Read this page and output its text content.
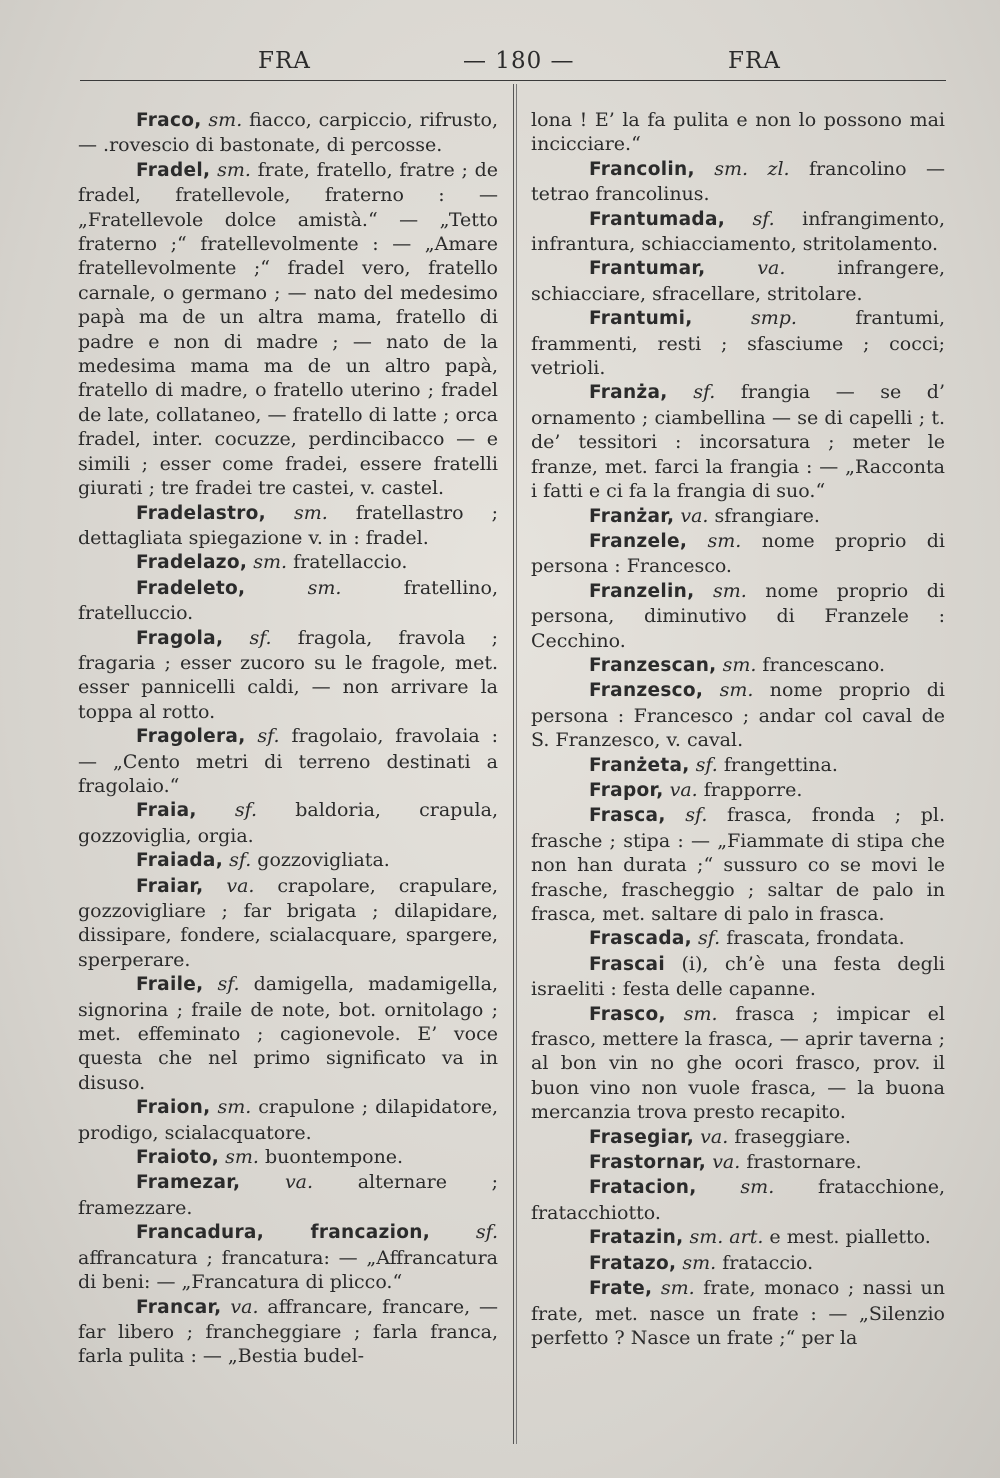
FRA	— 180 —	FRA

Fraco, sm. fiacco, carpiccio, rifrusto, — .rovescio di bastonate, di percosse.

Fradel, sm. frate, fratello, fratre ; de fradel, fratellevole, fraterno : — „Fratellevole dolce amistà.“ — „Tetto fraterno ;“ fratellevolmente : — „Amare fratellevolmente ;“ fradel vero, fratello carnale, o germano ; — nato del medesimo papà ma de un altra mama, fratello di padre e non di madre ; — nato de la medesima mama ma de un altro papà, fratello di madre, o fratello uterino ; fradel de late, collataneo, — fratello di latte ; orca fradel, inter. cocuzze, perdincibacco — e simili ; esser come fradei, essere fratelli giurati ; tre fradei tre castei, v. castel.

Fradelastro, sm. fratellastro ; dettagliata spiegazione v. in : fradel.

Fradelazo, sm. fratellaccio.

Fradeleto,	sm. fratellino, fratelluccio.

Fragola, sf. fragola, fravola ; fragaria ; esser zucoro su le fragole, met. esser pannicelli caldi, — non arrivare la toppa al rotto.

Fragolera, sf. fragolaio, fravolaia : — „Cento metri di terreno destinati a fragolaio.“

Fraia, sf. baldoria, crapula, gozzoviglia, orgia.

Fraiada, sf. gozzovigliata.

Fraiar, va. crapolare, crapulare, gozzovigliare ; far brigata ; dilapidare, dissipare, fondere, scialacquare, spargere, sperperare.

Fraile, sf. damigella, madamigella, signorina ; fraile de note, bot. ornitolago ; met. effeminato ; cagionevole. E’ voce questa che nel primo significato va in disuso.

Fraion, sm. crapulone ; dilapidatore, prodigo, scialacquatore.

Fraioto, sm. buontempone.

Framezar, va. alternare ; framezzare.

Francadura, francazion, sf. affrancatura ; francatura: — „Affrancatura di beni: — „Francatura di plicco.“

Francar, va. affrancare, francare, — far libero ; francheggiare ; farla franca, farla pulita : — „Bestia budel-

lona ! E’ la fa pulita e non lo possono mai incicciare.“

Francolin, sm. zl. francolino — tetrao francolinus.

Frantumada, sf. infrangimento, infrantura, schiacciamento, stritolamento.

Frantumar,	va. infrangere, schiacciare, sfracellare, stritolare.

Frantumi,	smp. frantumi, frammenti, resti ; sfasciume ; cocci; vetrioli.

Franża, sf. frangia — se d’ ornamento ; ciambellina — se di capelli ; t. de’ tessitori : incorsatura ; meter le franze, met. farci la frangia : — „Racconta i fatti e ci fa la frangia di suo.“

Franżar, va. sfrangiare.

Franzele, sm. nome proprio di persona : Francesco.

Franzelin, sm. nome proprio di persona, diminutivo di Franzele : Cecchino.

Franzescan, sm. francescano.

Franzesco, sm. nome proprio di persona : Francesco ; andar col caval de S. Franzesco, v. caval.

Franżeta, sf. frangettina.

Frapor, va. frapporre.

Frasca, sf. frasca, fronda ; pl. frasche ; stipa : — „Fiammate di stipa che non han durata ;“ sussuro co se movi le frasche, frascheggio ; saltar de palo in frasca, met. saltare di palo in frasca.

Frascada, sf. frascata, frondata.

Frascai (i), ch’è una festa degli israeliti : festa delle capanne.

Frasco, sm. frasca ; impicar el frasco, mettere la frasca, — aprir taverna ; al bon vin no ghe ocori frasco, prov. il buon vino non vuole frasca, — la buona mercanzia trova presto recapito.

Frasegiar, va. fraseggiare.

Frastornar, va. frastornare.

Fratacion, sm. fratacchione, fratacchiotto.

Fratazin, sm. art. e mest. pialletto.

Fratazo, sm. frataccio.

Frate, sm. frate, monaco ; nassi un frate, met. nasce un frate : — „Silenzio perfetto ? Nasce un frate ;“ per la
